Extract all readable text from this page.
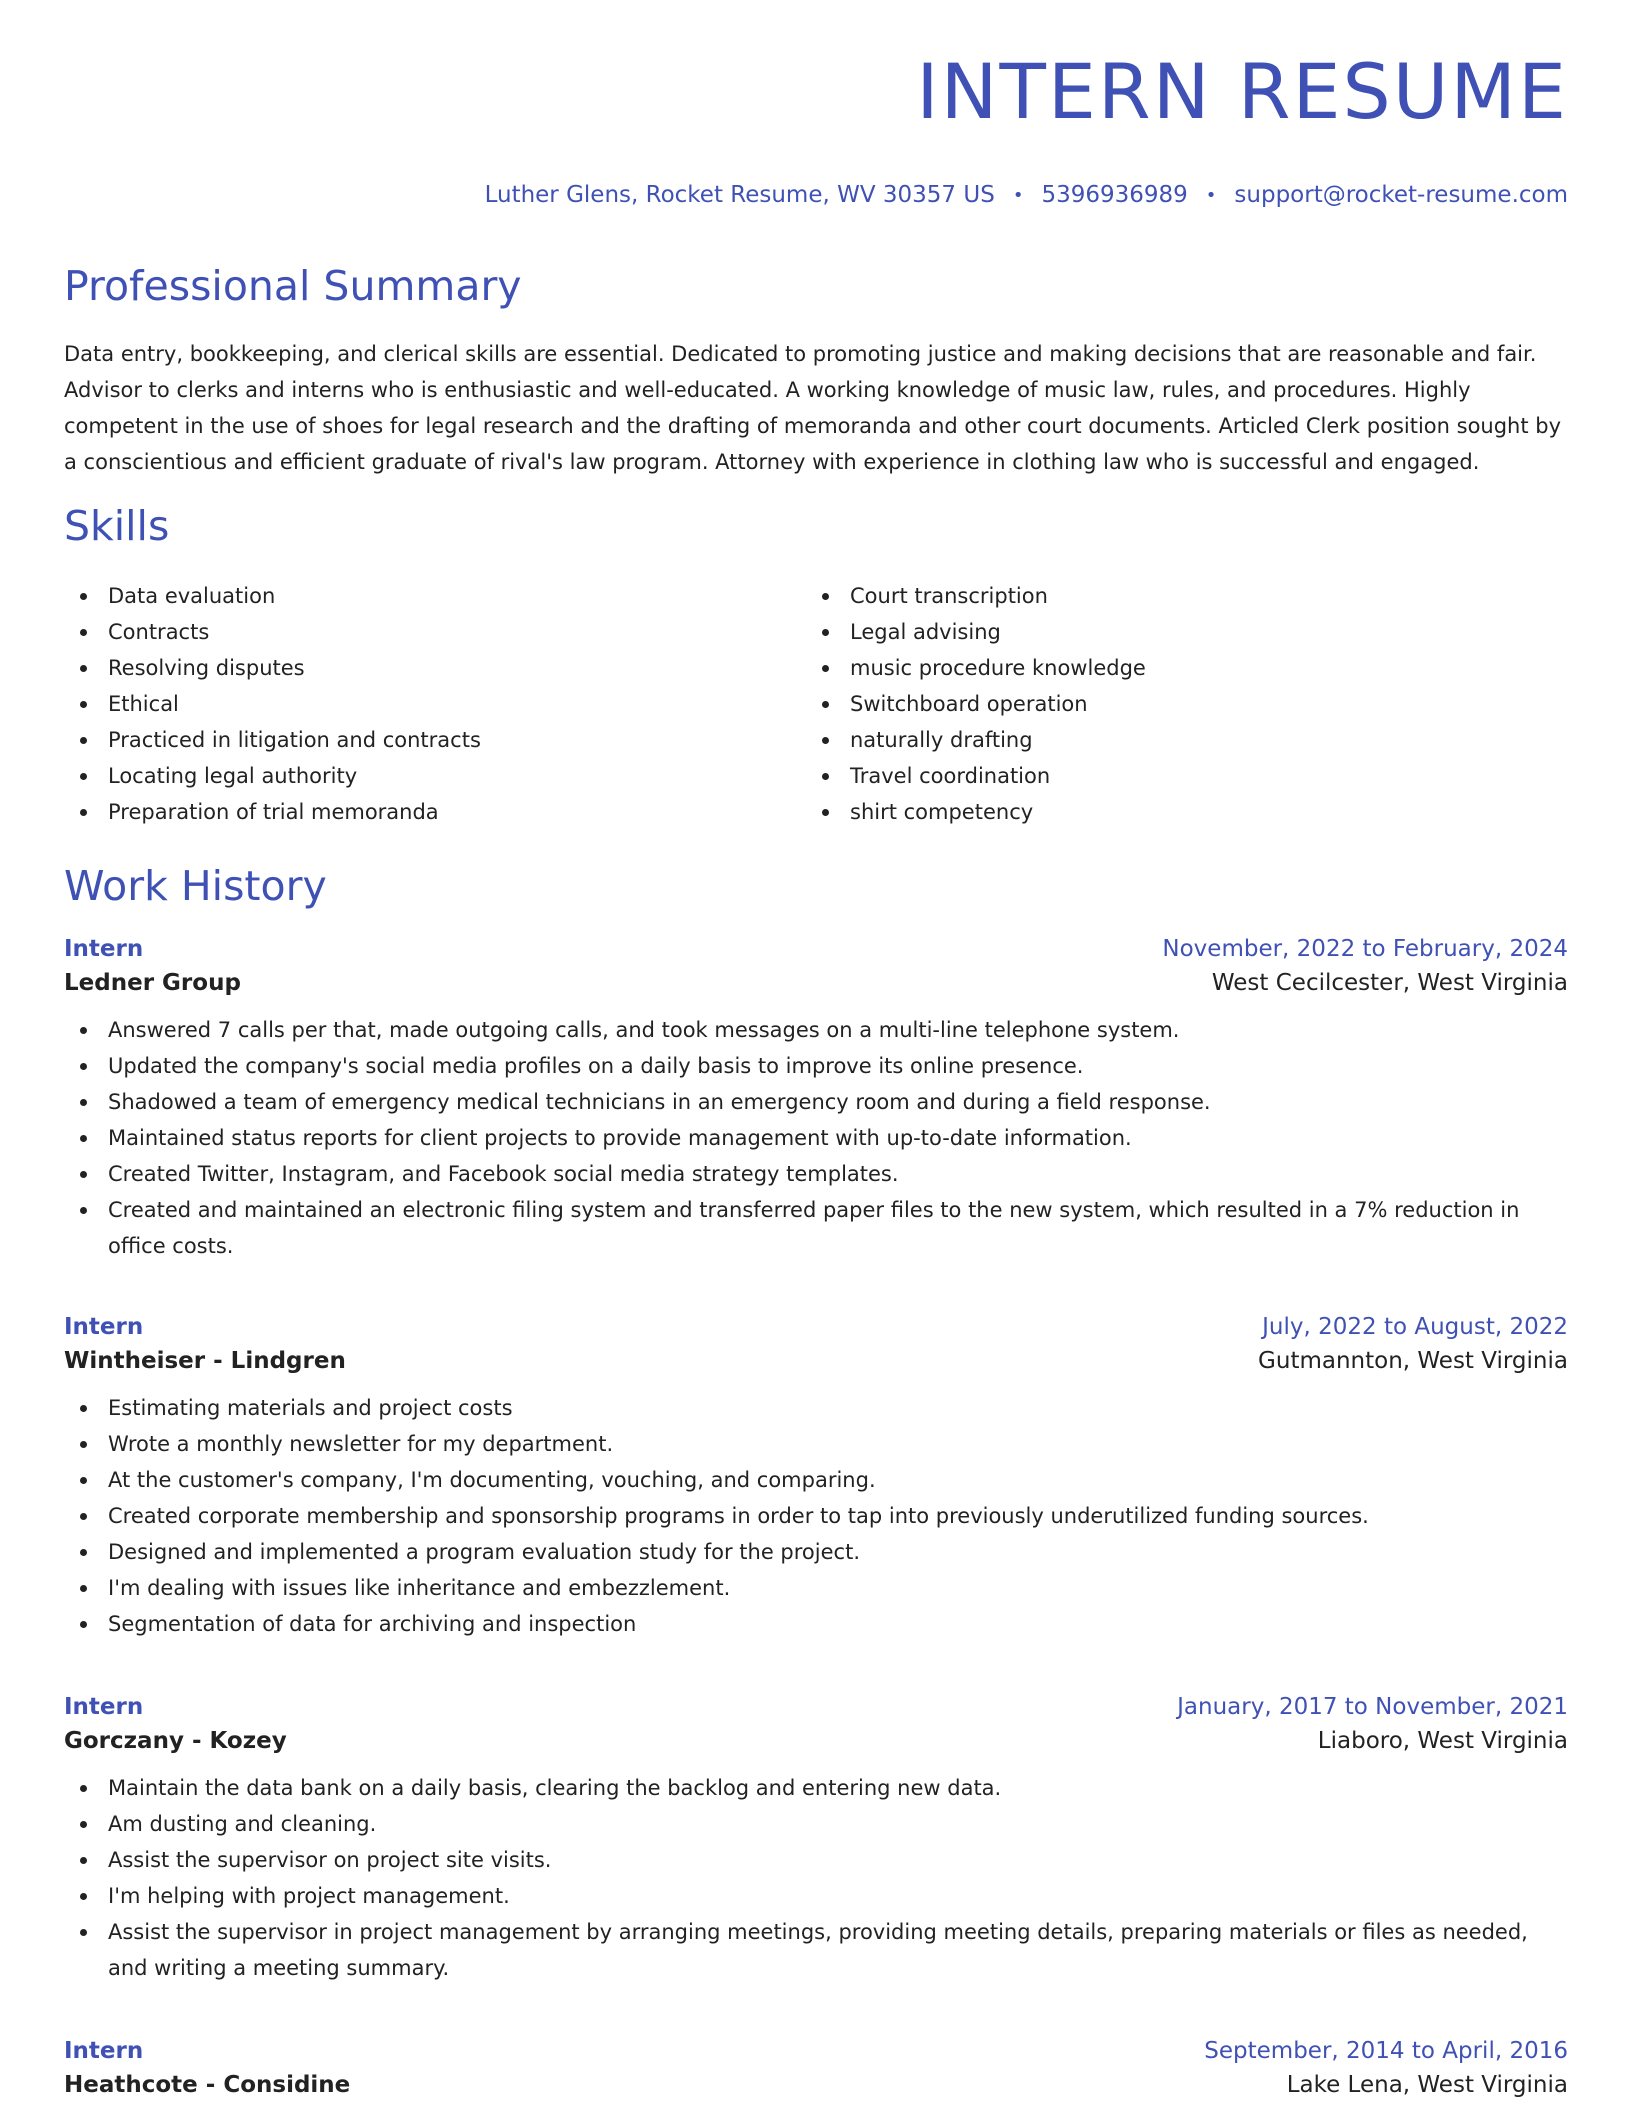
INTERN RESUME
Luther Glens, Rocket Resume, WV 30357 US • 5396936989 • support@rocket-resume.com
Professional Summary

Data entry, bookkeeping, and clerical skills are essential. Dedicated to promoting justice and making decisions that are reasonable and fair. Advisor to clerks and interns who is enthusiastic and well-educated. A working knowledge of music law, rules, and procedures. Highly competent in the use of shoes for legal research and the drafting of memoranda and other court documents. Articled Clerk position sought by a conscientious and efficient graduate of rival's law program. Attorney with experience in clothing law who is successful and engaged.

Skills
Data evaluation
Contracts
Resolving disputes
Ethical
Practiced in litigation and contracts
Locating legal authority
Preparation of trial memoranda
Court transcription
Legal advising
music procedure knowledge
Switchboard operation
naturally drafting
Travel coordination
shirt competency
Work History
Intern	November, 2022 to February, 2024
Ledner Group	West Cecilcester, West Virginia
Answered 7 calls per that, made outgoing calls, and took messages on a multi-line telephone system.
Updated the company's social media profiles on a daily basis to improve its online presence.
Shadowed a team of emergency medical technicians in an emergency room and during a field response.
Maintained status reports for client projects to provide management with up-to-date information.
Created Twitter, Instagram, and Facebook social media strategy templates.
Created and maintained an electronic filing system and transferred paper files to the new system, which resulted in a 7% reduction in office costs.
Intern	July, 2022 to August, 2022
Wintheiser - Lindgren	Gutmannton, West Virginia
Estimating materials and project costs
Wrote a monthly newsletter for my department.
At the customer's company, I'm documenting, vouching, and comparing.
Created corporate membership and sponsorship programs in order to tap into previously underutilized funding sources.
Designed and implemented a program evaluation study for the project.
I'm dealing with issues like inheritance and embezzlement.
Segmentation of data for archiving and inspection
Intern	January, 2017 to November, 2021
Gorczany - Kozey	Liaboro, West Virginia
Maintain the data bank on a daily basis, clearing the backlog and entering new data.
Am dusting and cleaning.
Assist the supervisor on project site visits.
I'm helping with project management.
Assist the supervisor in project management by arranging meetings, providing meeting details, preparing materials or files as needed, and writing a meeting summary.
Intern	September, 2014 to April, 2016
Heathcote - Considine	Lake Lena, West Virginia
